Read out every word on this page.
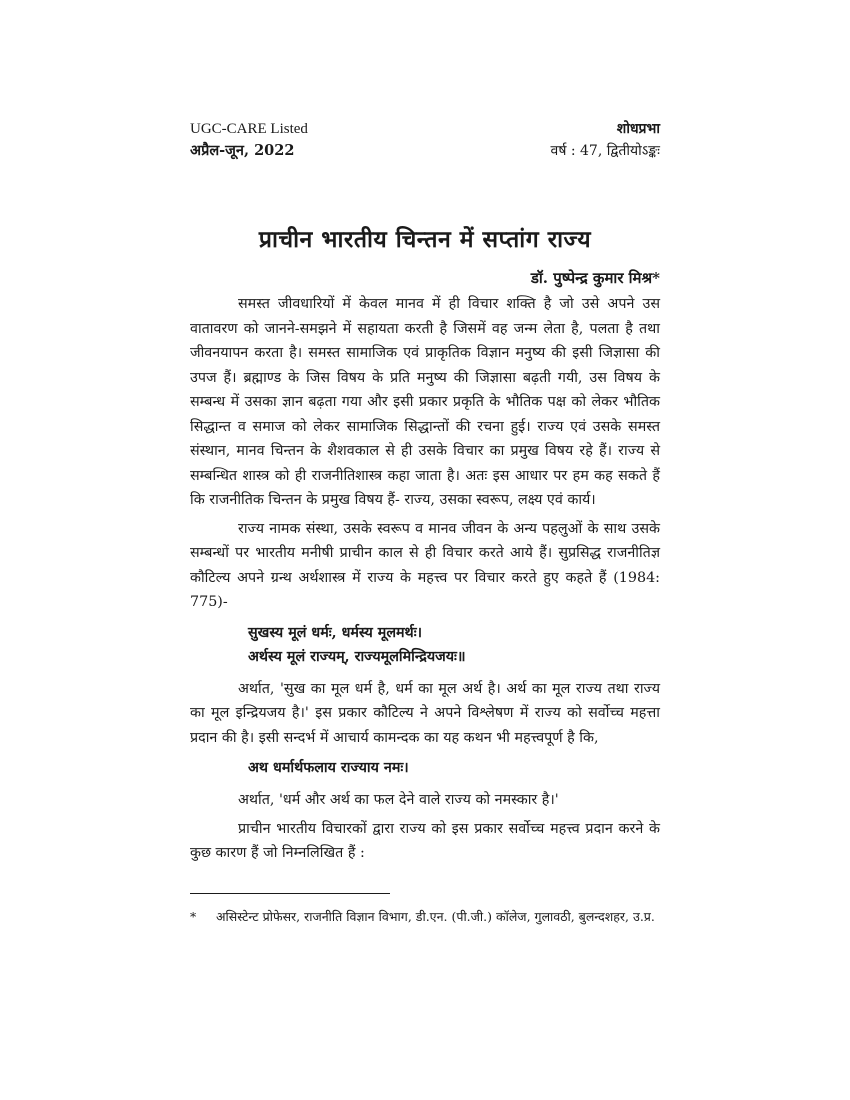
UGC-CARE Listed
अप्रैल-जून, 2022
शोधप्रभा
वर्ष : 47, द्वितीयोऽङ्कः
प्राचीन भारतीय चिन्तन में सप्तांग राज्य
डॉ. पुष्पेन्द्र कुमार मिश्र*

समस्त जीवधारियों में केवल मानव में ही विचार शक्ति है जो उसे अपने उस वातावरण को जानने-समझने में सहायता करती है जिसमें वह जन्म लेता है, पलता है तथा जीवनयापन करता है। समस्त सामाजिक एवं प्राकृतिक विज्ञान मनुष्य की इसी जिज्ञासा की उपज हैं। ब्रह्माण्ड के जिस विषय के प्रति मनुष्य की जिज्ञासा बढ़ती गयी, उस विषय के सम्बन्ध में उसका ज्ञान बढ़ता गया और इसी प्रकार प्रकृति के भौतिक पक्ष को लेकर भौतिक सिद्धान्त व समाज को लेकर सामाजिक सिद्धान्तों की रचना हुई। राज्य एवं उसके समस्त संस्थान, मानव चिन्तन के शैशवकाल से ही उसके विचार का प्रमुख विषय रहे हैं। राज्य से सम्बन्धित शास्त्र को ही राजनीतिशास्त्र कहा जाता है। अतः इस आधार पर हम कह सकते हैं कि राजनीतिक चिन्तन के प्रमुख विषय हैं- राज्य, उसका स्वरूप, लक्ष्य एवं कार्य।

राज्य नामक संस्था, उसके स्वरूप व मानव जीवन के अन्य पहलुओं के साथ उसके सम्बन्धों पर भारतीय मनीषी प्राचीन काल से ही विचार करते आये हैं। सुप्रसिद्ध राजनीतिज्ञ कौटिल्य अपने ग्रन्थ अर्थशास्त्र में राज्य के महत्त्व पर विचार करते हुए कहते हैं (1984: 775)-

सुखस्य मूलं धर्मः, धर्मस्य मूलमर्थः।
अर्थस्य मूलं राज्यम्, राज्यमूलमिन्द्रियजयः॥

अर्थात, 'सुख का मूल धर्म है, धर्म का मूल अर्थ है। अर्थ का मूल राज्य तथा राज्य का मूल इन्द्रियजय है।' इस प्रकार कौटिल्य ने अपने विश्लेषण में राज्य को सर्वोच्च महत्ता प्रदान की है। इसी सन्दर्भ में आचार्य कामन्दक का यह कथन भी महत्त्वपूर्ण है कि,

अथ धर्मार्थफलाय राज्याय नमः।

अर्थात, 'धर्म और अर्थ का फल देने वाले राज्य को नमस्कार है।'

प्राचीन भारतीय विचारकों द्वारा राज्य को इस प्रकार सर्वोच्च महत्त्व प्रदान करने के कुछ कारण हैं जो निम्नलिखित हैं :

*	असिस्टेन्ट प्रोफेसर, राजनीति विज्ञान विभाग, डी.एन. (पी.जी.) कॉलेज, गुलावठी, बुलन्दशहर, उ.प्र.
